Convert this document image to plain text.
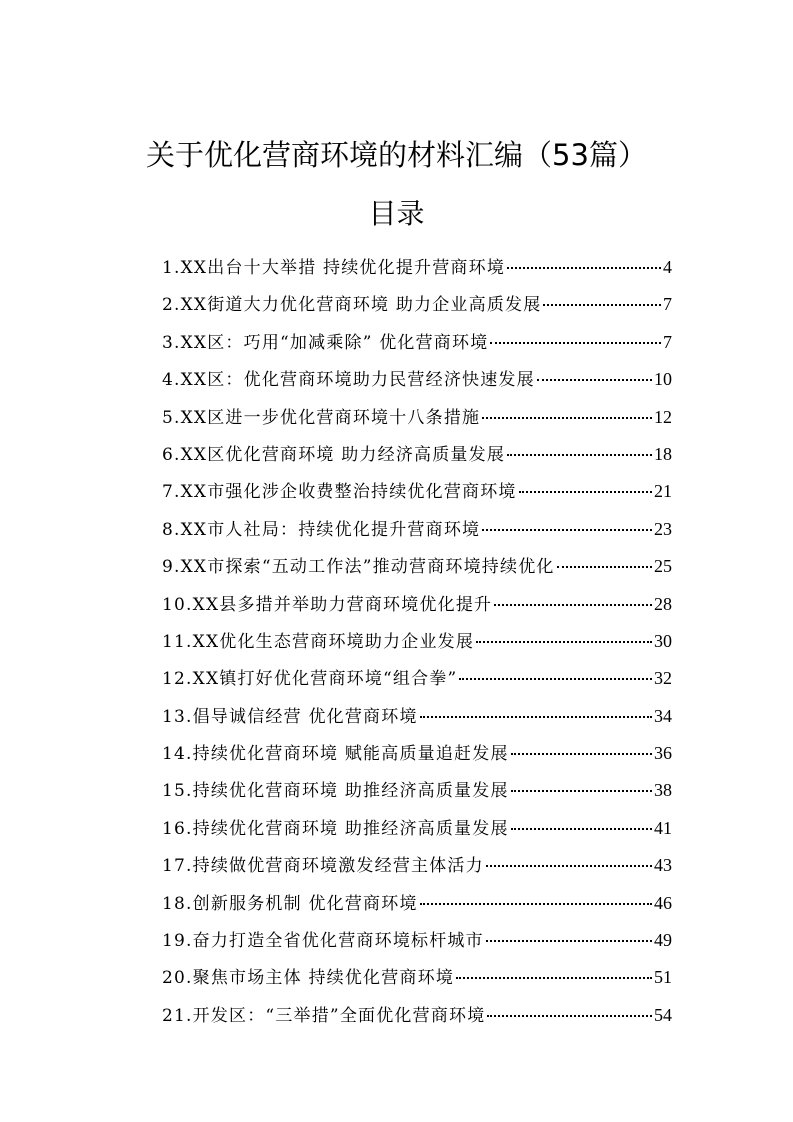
关于优化营商环境的材料汇编（53篇）
目录
1.XX出台十大举措 持续优化提升营商环境	4
2.XX街道大力优化营商环境 助力企业高质发展	7
3.XX区：巧用“加减乘除” 优化营商环境	7
4.XX区：优化营商环境助力民营经济快速发展	10
5.XX区进一步优化营商环境十八条措施	12
6.XX区优化营商环境 助力经济高质量发展	18
7.XX市强化涉企收费整治持续优化营商环境	21
8.XX市人社局：持续优化提升营商环境	23
9.XX市探索“五动工作法”推动营商环境持续优化	25
10.XX县多措并举助力营商环境优化提升	28
11.XX优化生态营商环境助力企业发展	30
12.XX镇打好优化营商环境“组合拳”	32
13.倡导诚信经营 优化营商环境	34
14.持续优化营商环境 赋能高质量追赶发展	36
15.持续优化营商环境 助推经济高质量发展	38
16.持续优化营商环境 助推经济高质量发展	41
17.持续做优营商环境激发经营主体活力	43
18.创新服务机制 优化营商环境	46
19.奋力打造全省优化营商环境标杆城市	49
20.聚焦市场主体 持续优化营商环境	51
21.开发区：“三举措”全面优化营商环境	54
